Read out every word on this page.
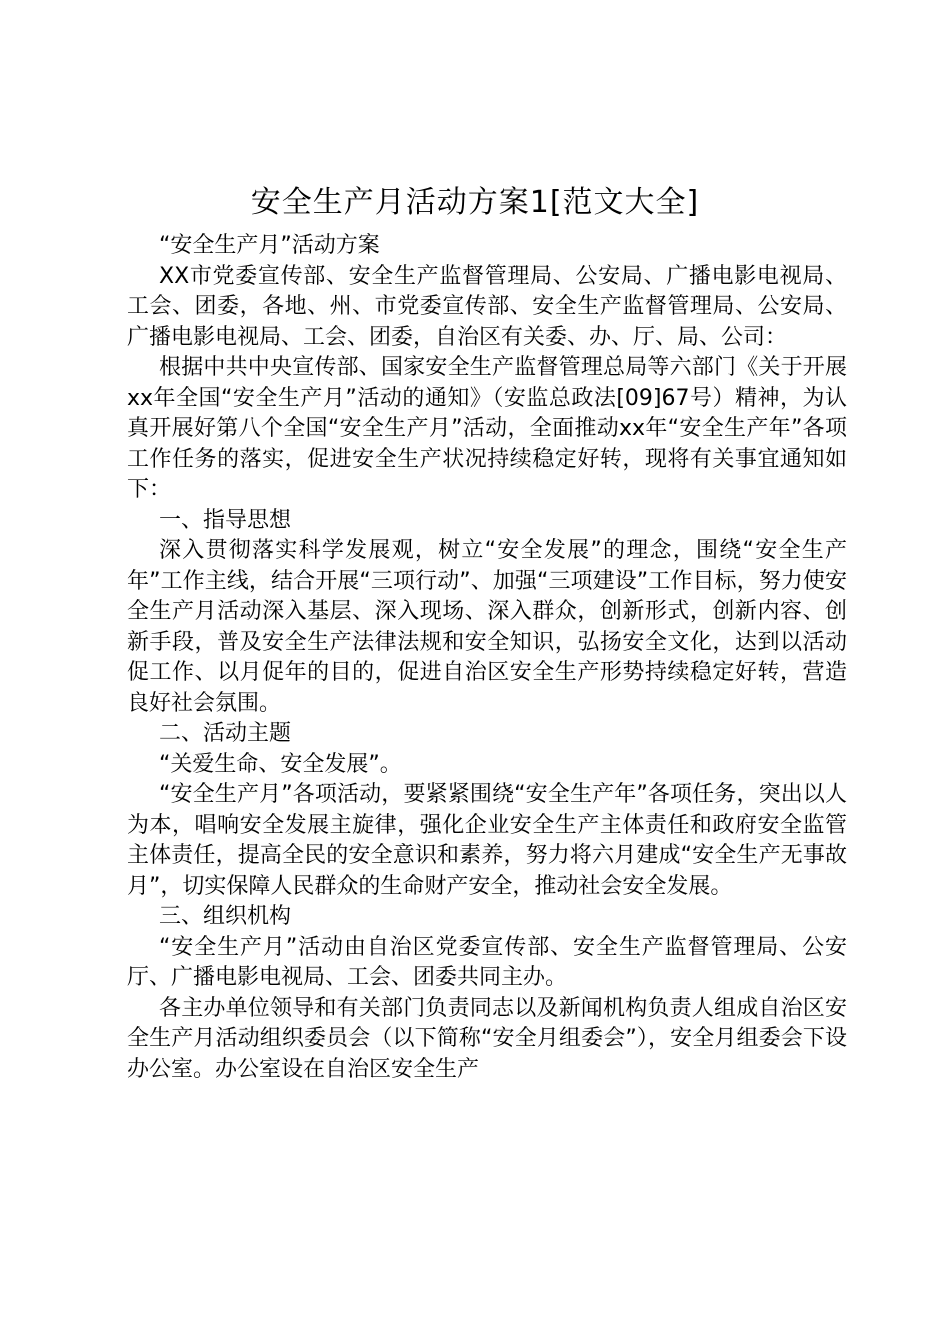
安全生产月活动方案1[范文大全]

“安全生产月”活动方案

XX市党委宣传部、安全生产监督管理局、公安局、广播电影电视局、工会、团委，各地、州、市党委宣传部、安全生产监督管理局、公安局、广播电影电视局、工会、团委，自治区有关委、办、厅、局、公司：

根据中共中央宣传部、国家安全生产监督管理总局等六部门《关于开展xx年全国“安全生产月”活动的通知》（安监总政法[09]67号）精神，为认真开展好第八个全国“安全生产月”活动，全面推动xx年“安全生产年”各项工作任务的落实，促进安全生产状况持续稳定好转，现将有关事宜通知如下：

一、指导思想

深入贯彻落实科学发展观，树立“安全发展”的理念，围绕“安全生产年”工作主线，结合开展“三项行动”、加强“三项建设”工作目标，努力使安全生产月活动深入基层、深入现场、深入群众，创新形式，创新内容、创新手段，普及安全生产法律法规和安全知识，弘扬安全文化，达到以活动促工作、以月促年的目的，促进自治区安全生产形势持续稳定好转，营造良好社会氛围。

二、活动主题

“关爱生命、安全发展”。

“安全生产月”各项活动，要紧紧围绕“安全生产年”各项任务，突出以人为本，唱响安全发展主旋律，强化企业安全生产主体责任和政府安全监管主体责任，提高全民的安全意识和素养，努力将六月建成“安全生产无事故月”，切实保障人民群众的生命财产安全，推动社会安全发展。

三、组织机构

“安全生产月”活动由自治区党委宣传部、安全生产监督管理局、公安厅、广播电影电视局、工会、团委共同主办。

各主办单位领导和有关部门负责同志以及新闻机构负责人组成自治区安全生产月活动组织委员会（以下简称“安全月组委会”），安全月组委会下设办公室。办公室设在自治区安全生产
